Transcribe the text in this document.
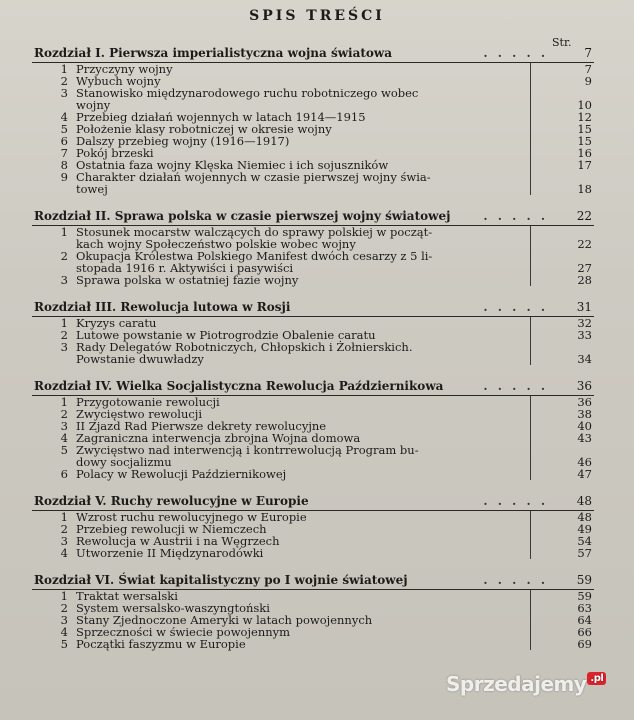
SPIS TREŚCI
Str.
Rozdział I. Pierwsza imperialistyczna wojna światowa	. . . . .	7
1 Przyczyny wojny	7
2 Wybuch wojny	9
3 Stanowisko międzynarodowego ruchu robotniczego wobec
wojny	10
4 Przebieg działań wojennych w latach 1914—1915	12
5 Położenie klasy robotniczej w okresie wojny	15
6 Dalszy przebieg wojny (1916—1917)	15
7 Pokój brzeski	16
8 Ostatnia faza wojny Klęska Niemiec i ich sojuszników	17
9 Charakter działań wojennych w czasie pierwszej wojny świa-
towej	18
Rozdział II. Sprawa polska w czasie pierwszej wojny światowej	. . . . .	22
1 Stosunek mocarstw walczących do sprawy polskiej w począt-
kach wojny Społeczeństwo polskie wobec wojny	22
2 Okupacja Królestwa Polskiego Manifest dwóch cesarzy z 5 li-
stopada 1916 r. Aktywiści i pasywiści	27
3 Sprawa polska w ostatniej fazie wojny	28
Rozdział III. Rewolucja lutowa w Rosji	. . . . .	31
1 Kryzys caratu	32
2 Lutowe powstanie w Piotrogrodzie Obalenie caratu	33
3 Rady Delegatów Robotniczych, Chłopskich i Żołnierskich.
Powstanie dwuwładzy	34
Rozdział IV. Wielka Socjalistyczna Rewolucja Październikowa	. . . . .	36
1 Przygotowanie rewolucji	36
2 Zwycięstwo rewolucji	38
3 II Zjazd Rad Pierwsze dekrety rewolucyjne	40
4 Zagraniczna interwencja zbrojna Wojna domowa	43
5 Zwycięstwo nad interwencją i kontrrewolucją Program bu-
dowy socjalizmu	46
6 Polacy w Rewolucji Październikowej	47
Rozdział V. Ruchy rewolucyjne w Europie	. . . . .	48
1 Wzrost ruchu rewolucyjnego w Europie	48
2 Przebieg rewolucji w Niemczech	49
3 Rewolucja w Austrii i na Węgrzech	54
4 Utworzenie II Międzynarodówki	57
Rozdział VI. Świat kapitalistyczny po I wojnie światowej	. . . . .	59
1 Traktat wersalski	59
2 System wersalsko-waszyngtoński	63
3 Stany Zjednoczone Ameryki w latach powojennych	64
4 Sprzeczności w świecie powojennym	66
5 Początki faszyzmu w Europie	69
Sprzedajemy .pl
